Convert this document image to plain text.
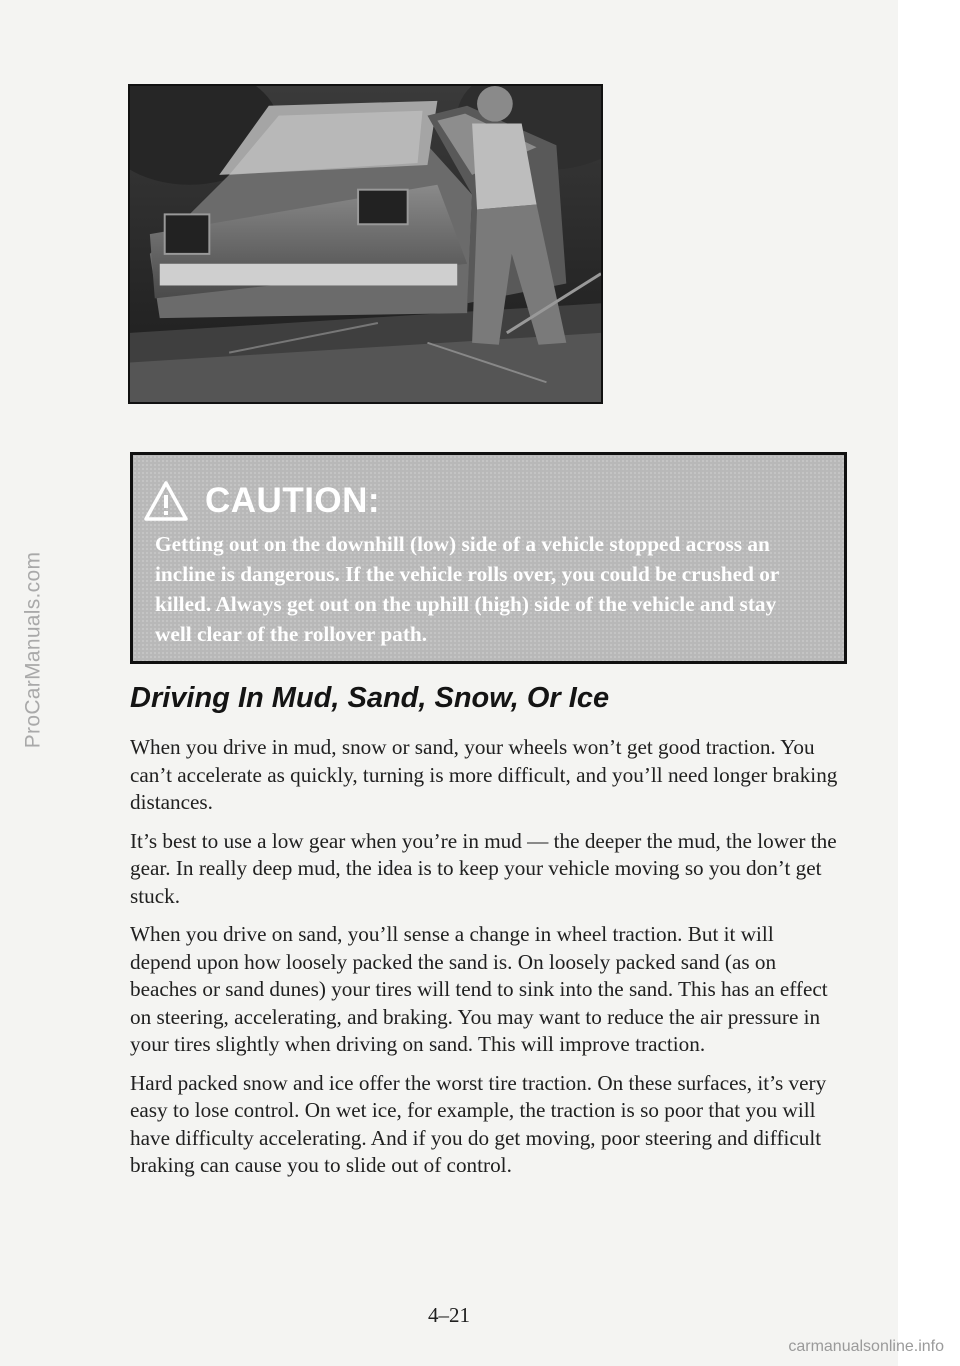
ProCarManuals.com
CAUTION:

Getting out on the downhill (low) side of a vehicle stopped across an incline is dangerous. If the vehicle rolls over, you could be crushed or killed. Always get out on the uphill (high) side of the vehicle and stay well clear of the rollover path.

Driving In Mud, Sand, Snow, Or Ice

When you drive in mud, snow or sand, your wheels won’t get good traction. You can’t accelerate as quickly, turning is more difficult, and you’ll need longer braking distances.

It’s best to use a low gear when you’re in mud — the deeper the mud, the lower the gear. In really deep mud, the idea is to keep your vehicle moving so you don’t get stuck.

When you drive on sand, you’ll sense a change in wheel traction. But it will depend upon how loosely packed the sand is. On loosely packed sand (as on beaches or sand dunes) your tires will tend to sink into the sand. This has an effect on steering, accelerating, and braking. You may want to reduce the air pressure in your tires slightly when driving on sand. This will improve traction.

Hard packed snow and ice offer the worst tire traction. On these surfaces, it’s very easy to lose control. On wet ice, for example, the traction is so poor that you will have difficulty accelerating. And if you do get moving, poor steering and difficult braking can cause you to slide out of control.

4–21
carmanualsonline.info
